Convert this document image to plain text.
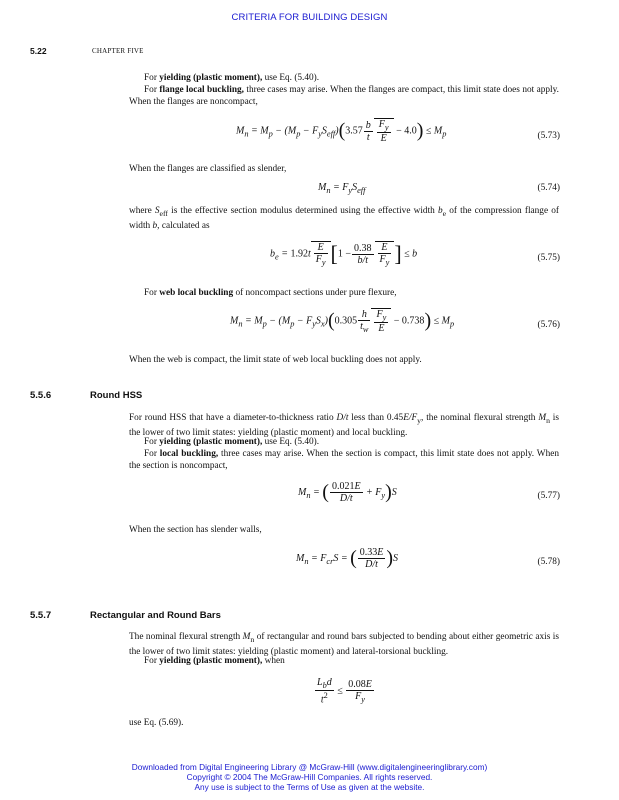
CRITERIA FOR BUILDING DESIGN
5.22	CHAPTER FIVE
For yielding (plastic moment), use Eq. (5.40).
For flange local buckling, three cases may arise. When the flanges are compact, this limit state does not apply. When the flanges are noncompact,
$M_n = M_p - (M_p - F_yS_{eff})(3.57 \frac{b}{t} \frac{F_y}{E} - 4.0) \le M_p$	(5.73)
When the flanges are classified as slender,
$M_n = F_yS_{eff}$	(5.74)
where $S_{eff}$ is the effective section modulus determined using the effective width $b_e$ of the compression flange of width b, calculated as
$b_e = 1.92t \frac{E}{F_y} [1 - \frac{0.38}{b/t} \frac{E}{F_y}$ ] ≤ b	(5.75)
For web local buckling of noncompact sections under pure flexure,
$M_n = M_p - (M_p - F_yS_x)(0.305 \frac{h}{t_w} \frac{F_y}{E} - 0.738) \le M_p$	(5.76)
When the web is compact, the limit state of web local buckling does not apply.
5.5.6	Round HSS
For round HSS that have a diameter-to-thickness ratio D/t less than $0.45E/F_y$, the nominal flexural strength $M_n$ is the lower of two limit states: yielding (plastic moment) and local buckling.
For yielding (plastic moment), use Eq. (5.40).
For local buckling, three cases may arise. When the section is compact, this limit state does not apply. When the section is noncompact,
$M_n$ = ( $\frac{0.021E}{D/t} + F_y)S$	(5.77)
When the section has slender walls,
$M_n = F_{cr}S$ = ( $\frac{0.33E}{D/t} )S$	(5.78)
5.5.7	Rectangular and Round Bars
The nominal flexural strength $M_n$ of rectangular and round bars subjected to bending about either geometric axis is the lower of two limit states: yielding (plastic moment) and lateral-torsional buckling.
For yielding (plastic moment), when
$\frac{L_bd}{t^2} \le \frac{0.08E}{F_y}$
use Eq. (5.69).
Downloaded from Digital Engineering Library @ McGraw-Hill (www.digitalengineeringlibrary.com)
Copyright © 2004 The McGraw-Hill Companies. All rights reserved.
Any use is subject to the Terms of Use as given at the website.
